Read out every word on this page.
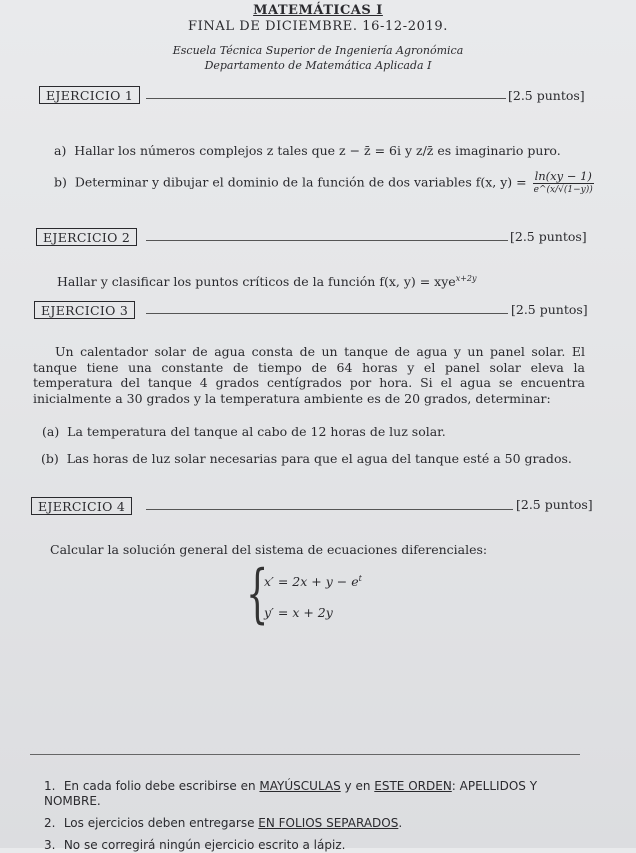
MATEMÁTICAS I
FINAL DE DICIEMBRE. 16-12-2019.
Escuela Técnica Superior de Ingeniería Agronómica
Departamento de Matemática Aplicada I
EJERCICIO 1	[2.5 puntos]
a) Hallar los números complejos z tales que z − z̄ = 6i y z/z̄ es imaginario puro.
b) Determinar y dibujar el dominio de la función de dos variables f(x, $y) = \frac{\ln(xy - 1)}{e\^{}(x/√(1-y))}$
EJERCICIO 2	[2.5 puntos]
Hallar y clasificar los puntos críticos de la función f(x, y) = xye$^{x+2y}$
EJERCICIO 3	[2.5 puntos]
Un calentador solar de agua consta de un tanque de agua y un panel solar. El tanque tiene una constante de tiempo de 64 horas y el panel solar eleva la temperatura del tanque 4 grados centígrados por hora. Si el agua se encuentra inicialmente a 30 grados y la temperatura ambiente es de 20 grados, determinar:
(a) La temperatura del tanque al cabo de 12 horas de luz solar.
(b) Las horas de luz solar necesarias para que el agua del tanque esté a 50 grados.
EJERCICIO 4	[2.5 puntos]
Calcular la solución general del sistema de ecuaciones diferenciales:
{
$x' = 2x + y - e^t$
y′ = x + 2y
1. En cada folio debe escribirse en MAYÚSCULAS y en ESTE ORDEN: APELLIDOS Y NOMBRE.
2. Los ejercicios deben entregarse EN FOLIOS SEPARADOS.
3. No se corregirá ningún ejercicio escrito a lápiz.
